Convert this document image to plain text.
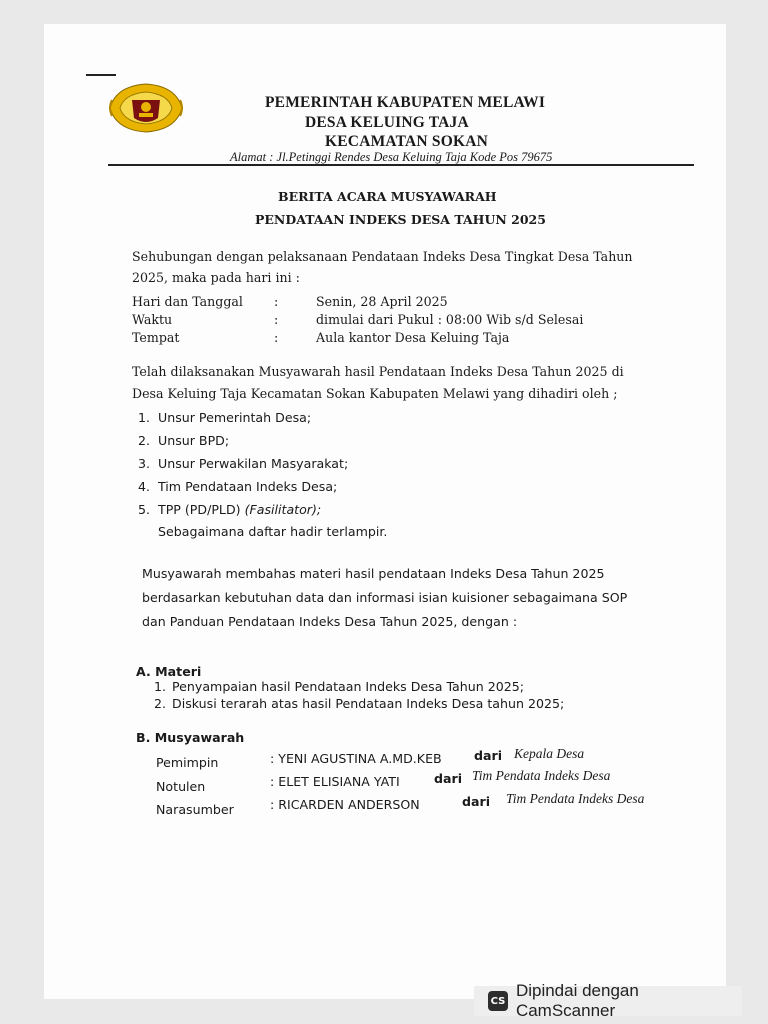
PEMERINTAH KABUPATEN MELAWI
DESA KELUING TAJA
KECAMATAN SOKAN
Alamat : Jl.Petinggi Rendes Desa Keluing Taja Kode Pos 79675
BERITA ACARA MUSYAWARAH
PENDATAAN INDEKS DESA TAHUN 2025
Sehubungan dengan pelaksanaan Pendataan Indeks Desa Tingkat Desa Tahun
2025, maka pada hari ini :
Hari dan Tanggal :	Senin, 28 April 2025
Waktu	:	dimulai dari Pukul : 08:00 Wib s/d Selesai
Tempat	:	Aula kantor Desa Keluing Taja
Telah dilaksanakan Musyawarah hasil Pendataan Indeks Desa Tahun 2025 di
Desa Keluing Taja Kecamatan Sokan Kabupaten Melawi yang dihadiri oleh ;
1. Unsur Pemerintah Desa;
2. Unsur BPD;
3. Unsur Perwakilan Masyarakat;
4. Tim Pendataan Indeks Desa;
5. TPP (PD/PLD) (Fasilitator);
Sebagaimana daftar hadir terlampir.
Musyawarah membahas materi hasil pendataan Indeks Desa Tahun 2025
berdasarkan kebutuhan data dan informasi isian kuisioner sebagaimana SOP
dan Panduan Pendataan Indeks Desa Tahun 2025, dengan :
A. Materi
1. Penyampaian hasil Pendataan Indeks Desa Tahun 2025;
2. Diskusi terarah atas hasil Pendataan Indeks Desa tahun 2025;
B. Musyawarah
Pemimpin	: YENI AGUSTINA A.MD.KEB	dari Kepala Desa
Notulen	: ELET ELISIANA YATI	dari Tim Pendata Indeks Desa
Narasumber	: RICARDEN ANDERSON	dari Tim Pendata Indeks Desa
CS
Dipindai dengan CamScanner
